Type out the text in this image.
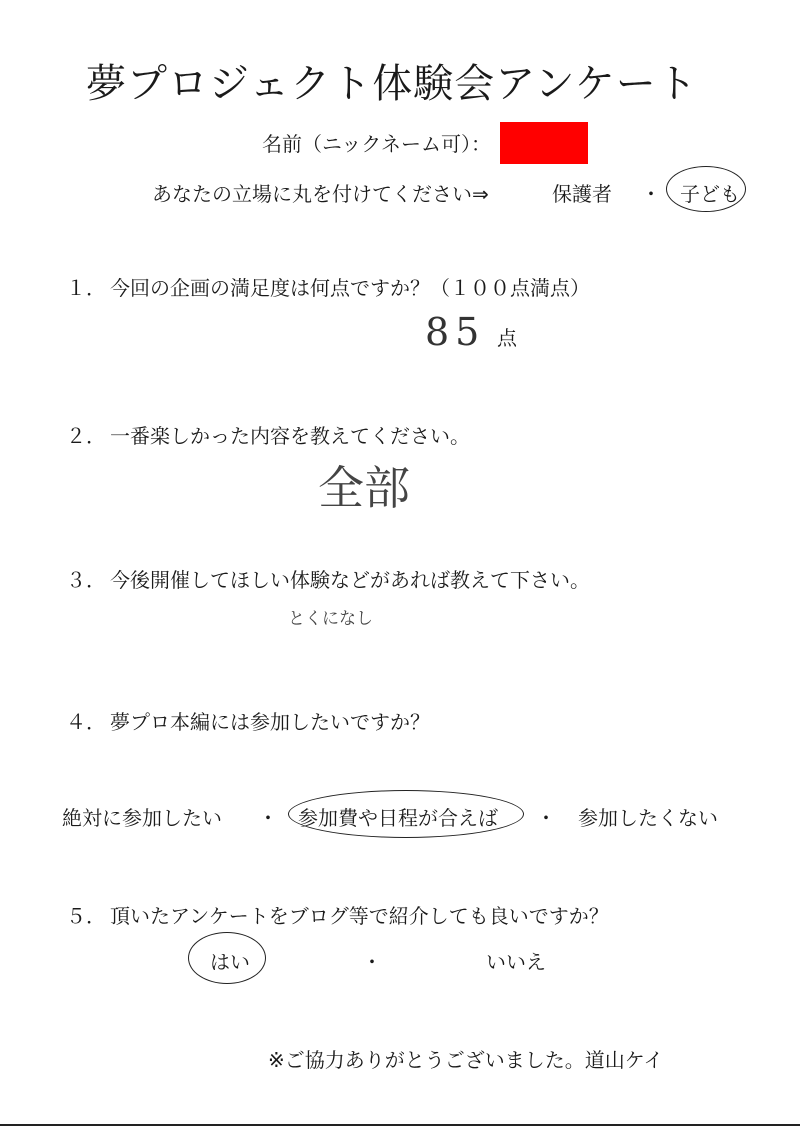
夢プロジェクト体験会アンケート
名前（ニックネーム可）：
あなたの立場に丸を付けてください⇒	保護者 ・ 子ども
１． 今回の企画の満足度は何点ですか？（１００点満点）
85 点
２． 一番楽しかった内容を教えてください。
全部
３． 今後開催してほしい体験などがあれば教えて下さい。
とくになし
４． 夢プロ本編には参加したいですか？
絶対に参加したい ・ 参加費や日程が合えば ・ 参加したくない
５． 頂いたアンケートをブログ等で紹介しても良いですか？
はい	・	いいえ
※ご協力ありがとうございました。道山ケイ
